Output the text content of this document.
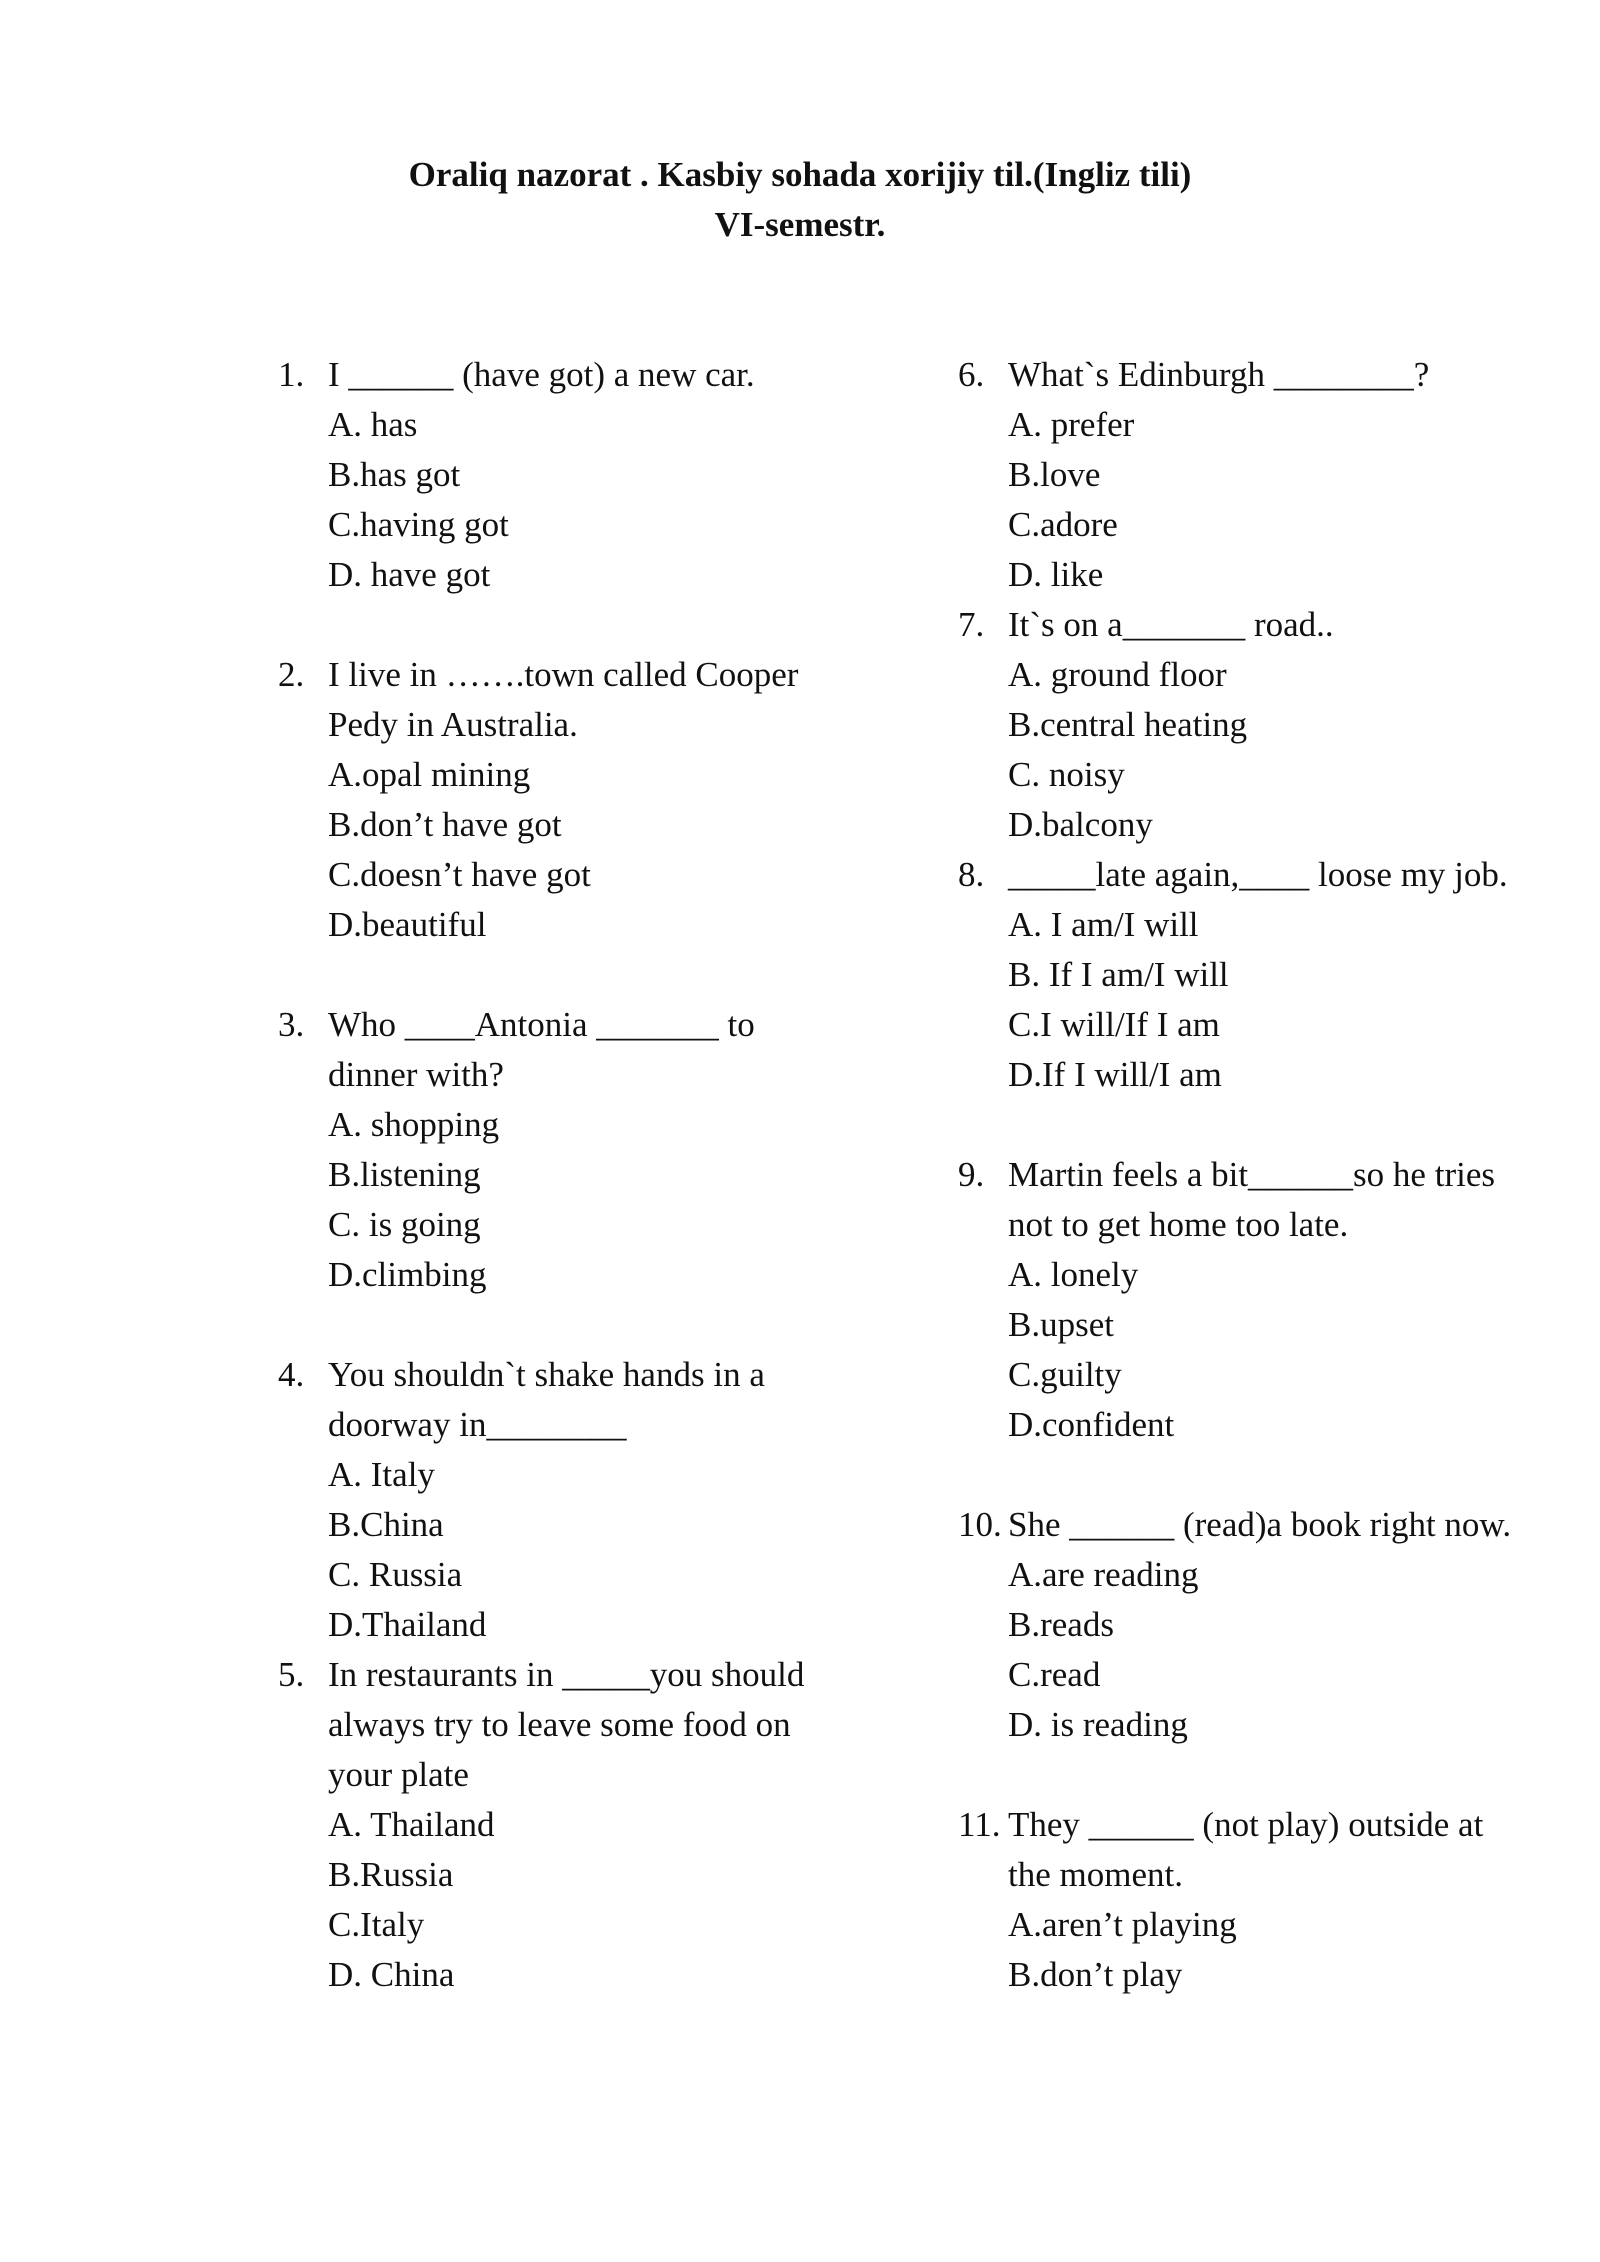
Oraliq nazorat . Kasbiy sohada xorijiy til.(Ingliz tili)
VI-semestr.
1. I ______ (have got) a new car.
A. has
B.has got
C.having got
D. have got
2. I live in …….town called Cooper Pedy in Australia.
A.opal mining
B.don’t have got
C.doesn’t have got
D.beautiful
3. Who ____Antonia _______ to dinner with?
A. shopping
B.listening
C. is going
D.climbing
4. You shouldn`t shake hands in a doorway in________
A. Italy
B.China
C. Russia
D.Thailand
5. In restaurants in _____you should always try to leave some food on your plate
A. Thailand
B.Russia
C.Italy
D. China
6. What`s Edinburgh ________?
A. prefer
B.love
C.adore
D. like
7. It`s on a_______ road..
A. ground floor
B.central heating
C. noisy
D.balcony
8. _____late again,____ loose my job.
A. I am/I will
B. If I am/I will
C.I will/If I am
D.If I will/I am
9. Martin feels a bit______so he tries not to get home too late.
A. lonely
B.upset
C.guilty
D.confident
10. She ______ (read)a book right now.
A.are reading
B.reads
C.read
D. is reading
11. They ______ (not play) outside at the moment.
A.aren’t playing
B.don’t play
